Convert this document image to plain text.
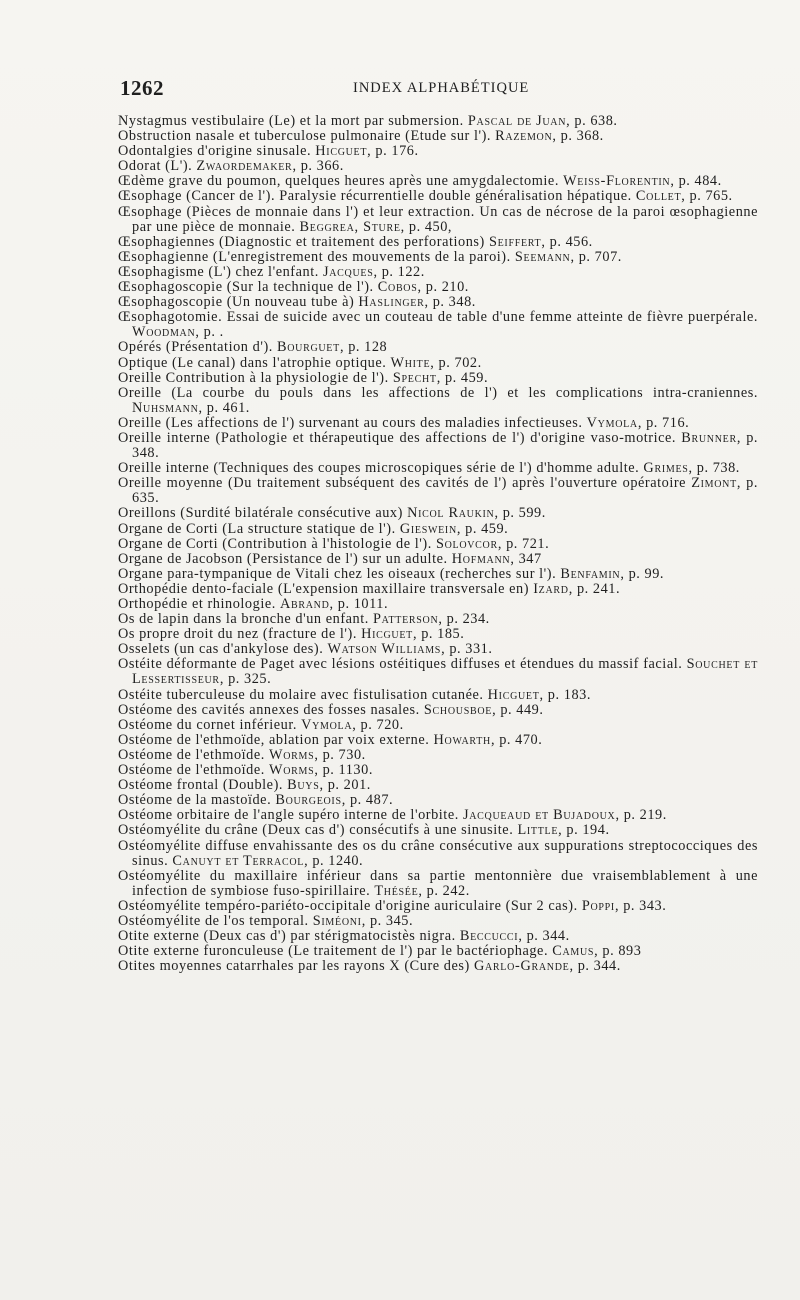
1262	INDEX ALPHABÉTIQUE

Nystagmus vestibulaire (Le) et la mort par submersion. Pascal de Juan, p. 638.

Obstruction nasale et tuberculose pulmonaire (Etude sur l'). Razemon, p. 368.

Odontalgies d'origine sinusale. Hicguet, p. 176.

Odorat (L'). Zwaordemaker, p. 366.

Œdème grave du poumon, quelques heures après une amygdalectomie. Weiss-Florentin, p. 484.

Œsophage (Cancer de l'). Paralysie récurrentielle double généralisation hépatique. Collet, p. 765.

Œsophage (Pièces de monnaie dans l') et leur extraction. Un cas de nécrose de la paroi œsophagienne par une pièce de monnaie. Beggrea, Sture, p. 450,

Œsophagiennes (Diagnostic et traitement des perforations) Seiffert, p. 456.

Œsophagienne (L'enregistrement des mouvements de la paroi). Seemann, p. 707.

Œsophagisme (L') chez l'enfant. Jacques, p. 122.

Œsophagoscopie (Sur la technique de l'). Cobos, p. 210.

Œsophagoscopie (Un nouveau tube à) Haslinger, p. 348.

Œsophagotomie. Essai de suicide avec un couteau de table d'une femme atteinte de fièvre puerpérale. Woodman, p. .

Opérés (Présentation d'). Bourguet, p. 128

Optique (Le canal) dans l'atrophie optique. White, p. 702.

Oreille Contribution à la physiologie de l'). Specht, p. 459.

Oreille (La courbe du pouls dans les affections de l') et les complications intra-craniennes. Nuhsmann, p. 461.

Oreille (Les affections de l') survenant au cours des maladies infectieuses. Vymola, p. 716.

Oreille interne (Pathologie et thérapeutique des affections de l') d'origine vaso-motrice. Brunner, p. 348.

Oreille interne (Techniques des coupes microscopiques série de l') d'homme adulte. Grimes, p. 738.

Oreille moyenne (Du traitement subséquent des cavités de l') après l'ouverture opératoire Zimont, p. 635.

Oreillons (Surdité bilatérale consécutive aux) Nicol Raukin, p. 599.

Organe de Corti (La structure statique de l'). Gieswein, p. 459.

Organe de Corti (Contribution à l'histologie de l'). Solovcor, p. 721.

Organe de Jacobson (Persistance de l') sur un adulte. Hofmann, 347

Organe para-tympanique de Vitali chez les oiseaux (recherches sur l'). Benfamin, p. 99.

Orthopédie dento-faciale (L'expension maxillaire transversale en) Izard, p. 241.

Orthopédie et rhinologie. Abrand, p. 1011.

Os de lapin dans la bronche d'un enfant. Patterson, p. 234.

Os propre droit du nez (fracture de l'). Hicguet, p. 185.

Osselets (un cas d'ankylose des). Watson Williams, p. 331.

Ostéite déformante de Paget avec lésions ostéitiques diffuses et étendues du massif facial. Souchet et Lessertisseur, p. 325.

Ostéite tuberculeuse du molaire avec fistulisation cutanée. Hicguet, p. 183.

Ostéome des cavités annexes des fosses nasales. Schousboe, p. 449.

Ostéome du cornet inférieur. Vymola, p. 720.

Ostéome de l'ethmoïde, ablation par voix externe. Howarth, p. 470.

Ostéome de l'ethmoïde. Worms, p. 730.

Ostéome de l'ethmoïde. Worms, p. 1130.

Ostéome frontal (Double). Buys, p. 201.

Ostéome de la mastoïde. Bourgeois, p. 487.

Ostéome orbitaire de l'angle supéro interne de l'orbite. Jacqueaud et Bujadoux, p. 219.

Ostéomyélite du crâne (Deux cas d') consécutifs à une sinusite. Little, p. 194.

Ostéomyélite diffuse envahissante des os du crâne consécutive aux suppurations streptococciques des sinus. Canuyt et Terracol, p. 1240.

Ostéomyélite du maxillaire inférieur dans sa partie mentonnière due vraisemblablement à une infection de symbiose fuso-spirillaire. Thésée, p. 242.

Ostéomyélite tempéro-pariéto-occipitale d'origine auriculaire (Sur 2 cas). Poppi, p. 343.

Ostéomyélite de l'os temporal. Siméoni, p. 345.

Otite externe (Deux cas d') par stérigmatocistès nigra. Beccucci, p. 344.

Otite externe furonculeuse (Le traitement de l') par le bactériophage. Camus, p. 893

Otites moyennes catarrhales par les rayons X (Cure des) Garlo-Grande, p. 344.
